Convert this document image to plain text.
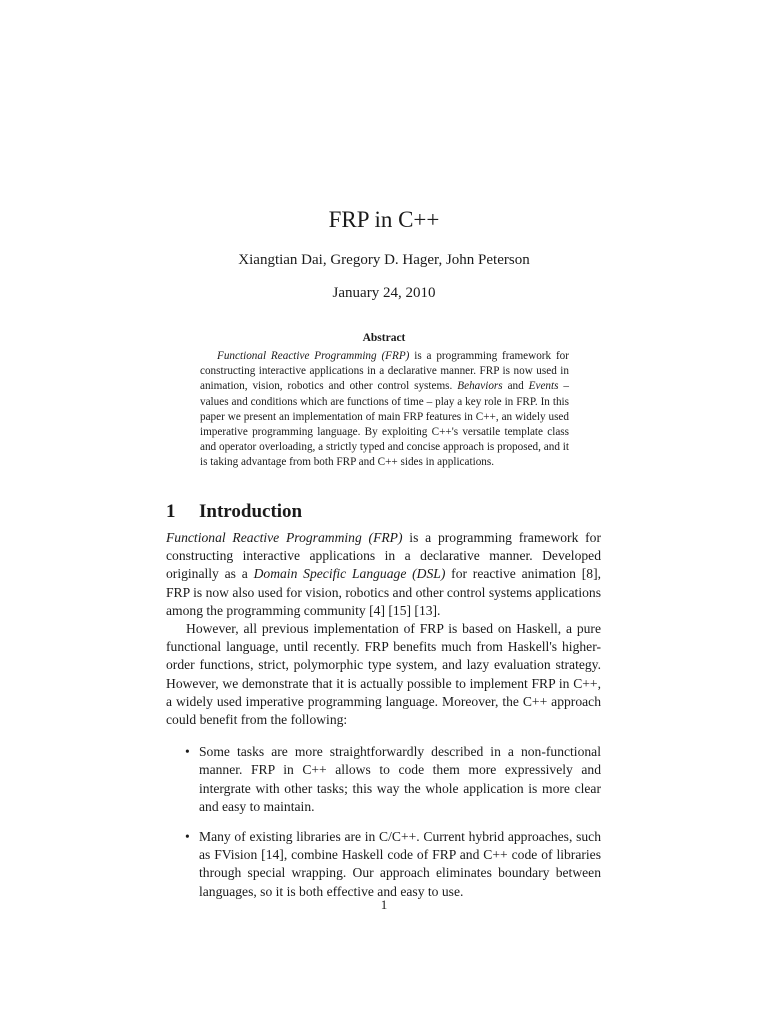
FRP in C++
Xiangtian Dai, Gregory D. Hager, John Peterson
January 24, 2010
Abstract

Functional Reactive Programming (FRP) is a programming framework for constructing interactive applications in a declarative manner. FRP is now used in animation, vision, robotics and other control systems. Behaviors and Events – values and conditions which are functions of time – play a key role in FRP. In this paper we present an implementation of main FRP features in C++, an widely used imperative programming language. By exploiting C++'s versatile template class and operator overloading, a strictly typed and concise approach is proposed, and it is taking advantage from both FRP and C++ sides in applications.

1 Introduction

Functional Reactive Programming (FRP) is a programming framework for constructing interactive applications in a declarative manner. Developed originally as a Domain Specific Language (DSL) for reactive animation [8], FRP is now also used for vision, robotics and other control systems applications among the programming community [4] [15] [13].

However, all previous implementation of FRP is based on Haskell, a pure functional language, until recently. FRP benefits much from Haskell's higher-order functions, strict, polymorphic type system, and lazy evaluation strategy. However, we demonstrate that it is actually possible to implement FRP in C++, a widely used imperative programming language. Moreover, the C++ approach could benefit from the following:

• Some tasks are more straightforwardly described in a non-functional manner. FRP in C++ allows to code them more expressively and intergrate with other tasks; this way the whole application is more clear and easy to maintain.
• Many of existing libraries are in C/C++. Current hybrid approaches, such as FVision [14], combine Haskell code of FRP and C++ code of libraries through special wrapping. Our approach eliminates boundary between languages, so it is both effective and easy to use.
1
